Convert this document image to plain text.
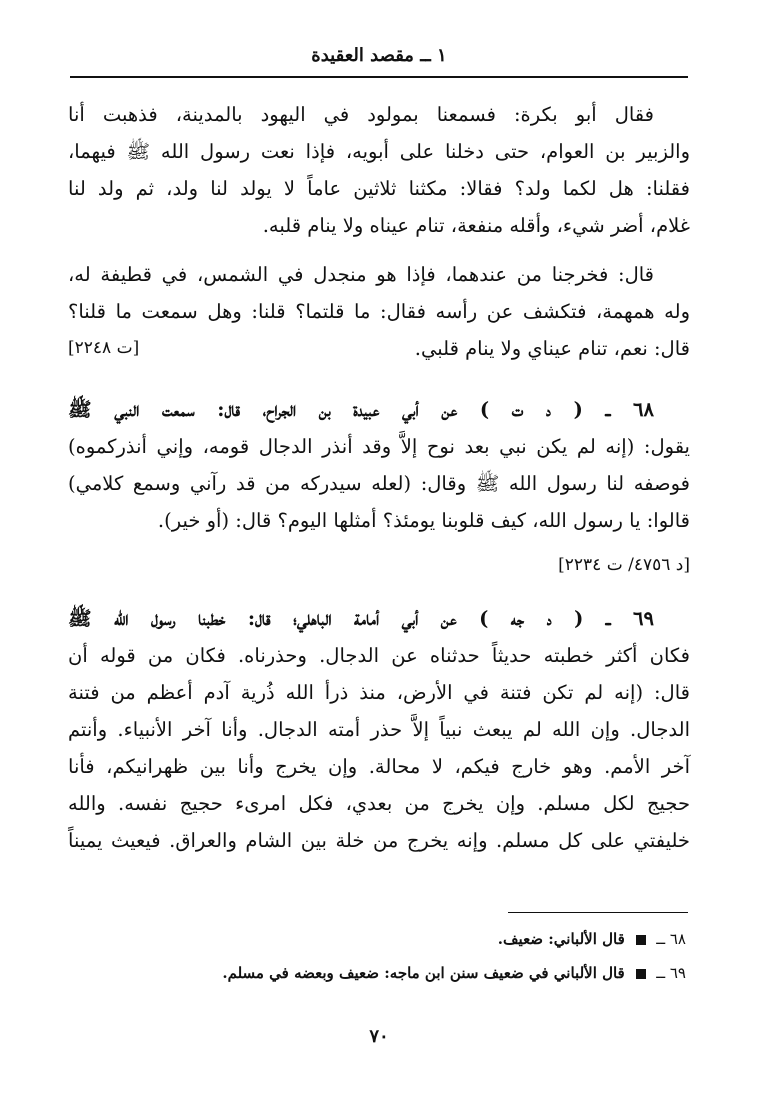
١ ــ مقصد العقيدة
فقال أبو بكرة: فسمعنا بمولود في اليهود بالمدينة، فذهبت أنا
والزبير بن العوام، حتى دخلنا على أبويه، فإذا نعت رسول الله ﷺ فيهما،
فقلنا: هل لكما ولد؟ فقالا: مكثنا ثلاثين عاماً لا يولد لنا ولد، ثم ولد لنا
غلام، أضر شيء، وأقله منفعة، تنام عيناه ولا ينام قلبه.
قال: فخرجنا من عندهما، فإذا هو منجدل في الشمس، في قطيفة له،
وله همهمة، فتكشف عن رأسه فقال: ما قلتما؟ قلنا: وهل سمعت ما قلنا؟
قال: نعم، تنام عيناي ولا ينام قلبي.
[ت ٢٢٤٨]
٦٨ ــ ( د ت ) عن أبي عبيدة بن الجراح، قال: سمعت النبي ﷺ
يقول: (إنه لم يكن نبي بعد نوح إلاَّ وقد أنذر الدجال قومه، وإني أنذركموه)
فوصفه لنا رسول الله ﷺ وقال: (لعله سيدركه من قد رآني وسمع كلامي)
قالوا: يا رسول الله، كيف قلوبنا يومئذ؟ أمثلها اليوم؟ قال: (أو خير).
[د ٤٧٥٦/ ت ٢٢٣٤]
٦٩ ــ ( د جه ) عن أبي أمامة الباهلي؛ قال: خطبنا رسول الله ﷺ
فكان أكثر خطبته حديثاً حدثناه عن الدجال. وحذرناه. فكان من قوله أن
قال: (إنه لم تكن فتنة في الأرض، منذ ذرأ الله ذُرية آدم أعظم من فتنة
الدجال. وإن الله لم يبعث نبياً إلاَّ حذر أمته الدجال. وأنا آخر الأنبياء. وأنتم
آخر الأمم. وهو خارج فيكم، لا محالة. وإن يخرج وأنا بين ظهرانيكم، فأنا
حجيج لكل مسلم. وإن يخرج من بعدي، فكل امرىء حجيج نفسه. والله
خليفتي على كل مسلم. وإنه يخرج من خلة بين الشام والعراق. فيعيث يميناً
٦٨ ــ  قال الألباني: ضعيف.
٦٩ ــ  قال الألباني في ضعيف سنن ابن ماجه: ضعيف وبعضه في مسلم.
٧٠
